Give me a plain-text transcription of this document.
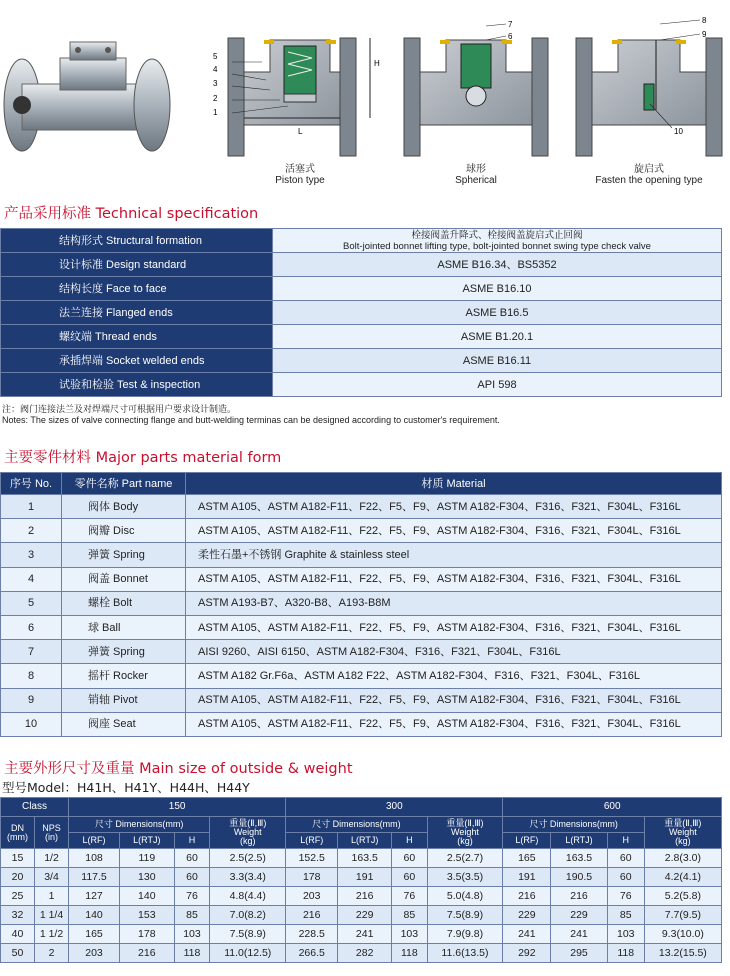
5
4
3
2
1
H
L
7
6
8
9
10
活塞式
Piston type
球形
Spherical
旋启式
Fasten the opening type
产品采用标准 Technical specification
结构形式 Structural formation	栓接阀盖升降式、栓接阀盖旋启式止回阀
Bolt-jointed bonnet lifting type, bolt-jointed bonnet swing type check valve

设计标准 Design standard	ASME B16.34、BS5352
结构长度 Face to face	ASME B16.10
法兰连接 Flanged ends	ASME B16.5
螺纹端 Thread ends	ASME B1.20.1
承插焊端 Socket welded ends	ASME B16.11
试验和检验 Test & inspection	API 598
注：阀门连接法兰及对焊端尺寸可根据用户要求设计制造。
Notes: The sizes of valve connecting flange and butt-welding terminas can be designed according to customer's requirement.
主要零件材料 Major parts material form
序号 No.	零件名称 Part name	材质 Material
1	阀体 Body	ASTM A105、ASTM A182-F11、F22、F5、F9、ASTM A182-F304、F316、F321、F304L、F316L
2	阀瓣 Disc	ASTM A105、ASTM A182-F11、F22、F5、F9、ASTM A182-F304、F316、F321、F304L、F316L
3	弹簧 Spring	柔性石墨+不锈钢 Graphite & stainless steel
4	阀盖 Bonnet	ASTM A105、ASTM A182-F11、F22、F5、F9、ASTM A182-F304、F316、F321、F304L、F316L
5	螺栓 Bolt	ASTM A193-B7、A320-B8、A193-B8M
6	球 Ball	ASTM A105、ASTM A182-F11、F22、F5、F9、ASTM A182-F304、F316、F321、F304L、F316L
7	弹簧 Spring	AISI 9260、AISI 6150、ASTM A182-F304、F316、F321、F304L、F316L
8	摇杆 Rocker	ASTM A182 Gr.F6a、ASTM A182 F22、ASTM A182-F304、F316、F321、F304L、F316L
9	销轴 Pivot	ASTM A105、ASTM A182-F11、F22、F5、F9、ASTM A182-F304、F316、F321、F304L、F316L
10	阀座 Seat	ASTM A105、ASTM A182-F11、F22、F5、F9、ASTM A182-F304、F316、F321、F304L、F316L
主要外形尺寸及重量 Main size of outside & weight
型号Model：H41H、H41Y、H44H、H44Y
Class		150				300				600			
DN
(mm)	NPS
(in)	尺寸 Dimensions(mm)			重量(Ⅱ,Ⅲ)
Weight
(kg)	尺寸 Dimensions(mm)			重量(Ⅱ,Ⅲ)
Weight
(kg)	尺寸 Dimensions(mm)			重量(Ⅱ,Ⅲ)
Weight
(kg)
		L(RF)	L(RTJ)	H		L(RF)	L(RTJ)	H		L(RF)	L(RTJ)	H	
15	1/2	108	119	60	2.5(2.5)	152.5	163.5	60	2.5(2.7)	165	163.5	60	2.8(3.0)
20	3/4	117.5	130	60	3.3(3.4)	178	191	60	3.5(3.5)	191	190.5	60	4.2(4.1)
25	1	127	140	76	4.8(4.4)	203	216	76	5.0(4.8)	216	216	76	5.2(5.8)
32	1 1/4	140	153	85	7.0(8.2)	216	229	85	7.5(8.9)	229	229	85	7.7(9.5)
40	1 1/2	165	178	103	7.5(8.9)	228.5	241	103	7.9(9.8)	241	241	103	9.3(10.0)
50	2	203	216	118	11.0(12.5)	266.5	282	118	11.6(13.5)	292	295	118	13.2(15.5)
